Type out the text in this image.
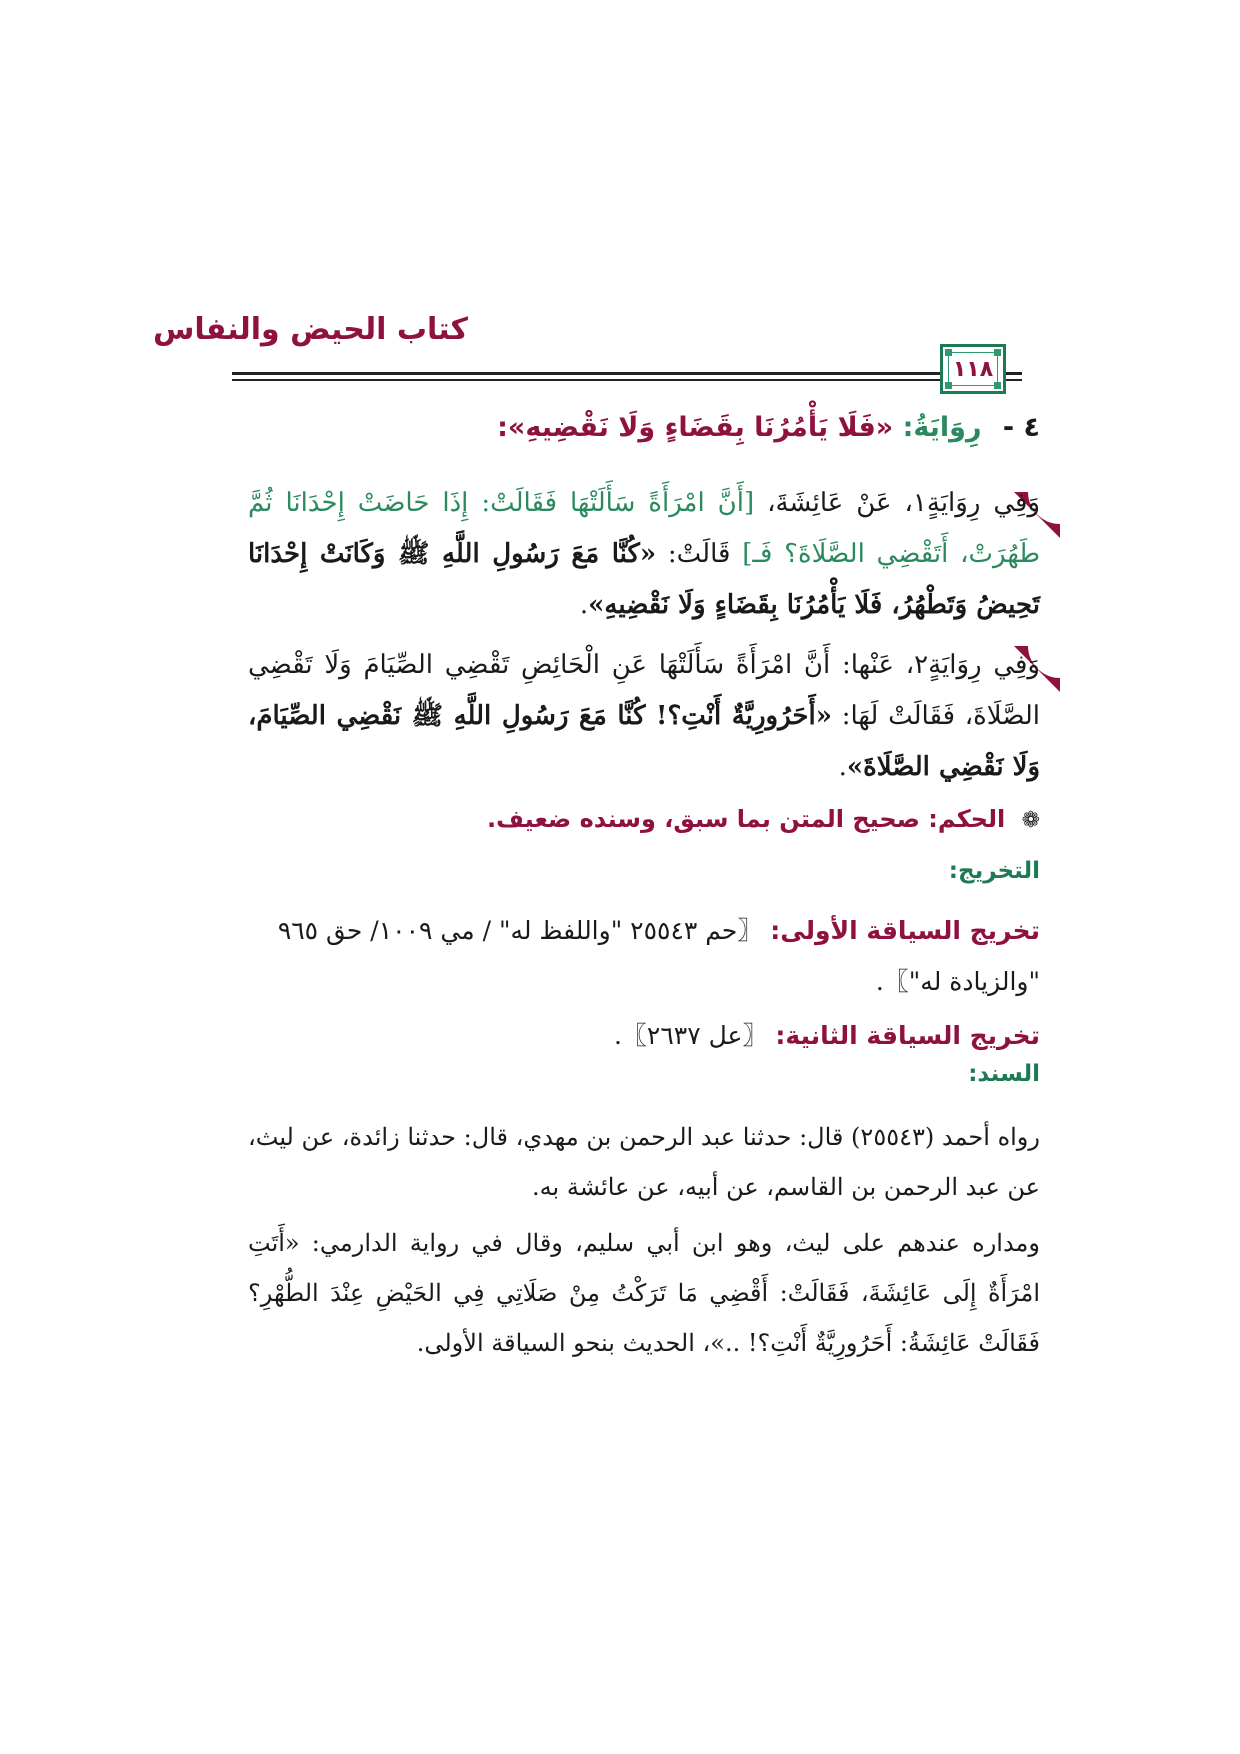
كتاب الحيض والنفاس
١١٨
٤ - رِوَايَةُ: «فَلَا يَأْمُرُنَا بِقَضَاءٍ وَلَا نَقْضِيهِ»:
وَفِي رِوَايَةٍ١، عَنْ عَائِشَةَ، [أَنَّ امْرَأَةً سَأَلَتْهَا فَقَالَتْ: إِذَا حَاضَتْ إِحْدَانَا ثُمَّ طَهُرَتْ، أَتَقْضِي الصَّلَاةَ؟ فَـ] قَالَتْ: «كُنَّا مَعَ رَسُولِ اللَّهِ ﷺ وَكَانَتْ إِحْدَانَا تَحِيضُ وَتَطْهُرُ، فَلَا يَأْمُرُنَا بِقَضَاءٍ وَلَا نَقْضِيهِ».
وَفِي رِوَايَةٍ٢، عَنْها: أَنَّ امْرَأَةً سَأَلَتْهَا عَنِ الْحَائِضِ تَقْضِي الصِّيَامَ وَلَا تَقْضِي الصَّلَاةَ، فَقَالَتْ لَهَا: «أَحَرُورِيَّةٌ أَنْتِ؟! كُنَّا مَعَ رَسُولِ اللَّهِ ﷺ نَقْضِي الصِّيَامَ، وَلَا نَقْضِي الصَّلَاةَ».
❁ الحكم: صحيح المتن بما سبق، وسنده ضعيف.
التخريج:
تخريج السياقة الأولى: 〖حم ٢٥٥٤٣ "واللفظ له" / مي ١٠٠٩/ حق ٩٦٥ "والزيادة له"〗.
تخريج السياقة الثانية: 〖عل ٢٦٣٧〗.
السند:
رواه أحمد (٢٥٥٤٣) قال: حدثنا عبد الرحمن بن مهدي، قال: حدثنا زائدة، عن ليث، عن عبد الرحمن بن القاسم، عن أبيه، عن عائشة به.
ومداره عندهم على ليث، وهو ابن أبي سليم، وقال في رواية الدارمي: «أَتَتِ امْرَأَةٌ إِلَى عَائِشَةَ، فَقَالَتْ: أَقْضِي مَا تَرَكْتُ مِنْ صَلَاتِي فِي الحَيْضِ عِنْدَ الطُّهْرِ؟ فَقَالَتْ عَائِشَةُ: أَحَرُورِيَّةٌ أَنْتِ؟! ..»، الحديث بنحو السياقة الأولى.
